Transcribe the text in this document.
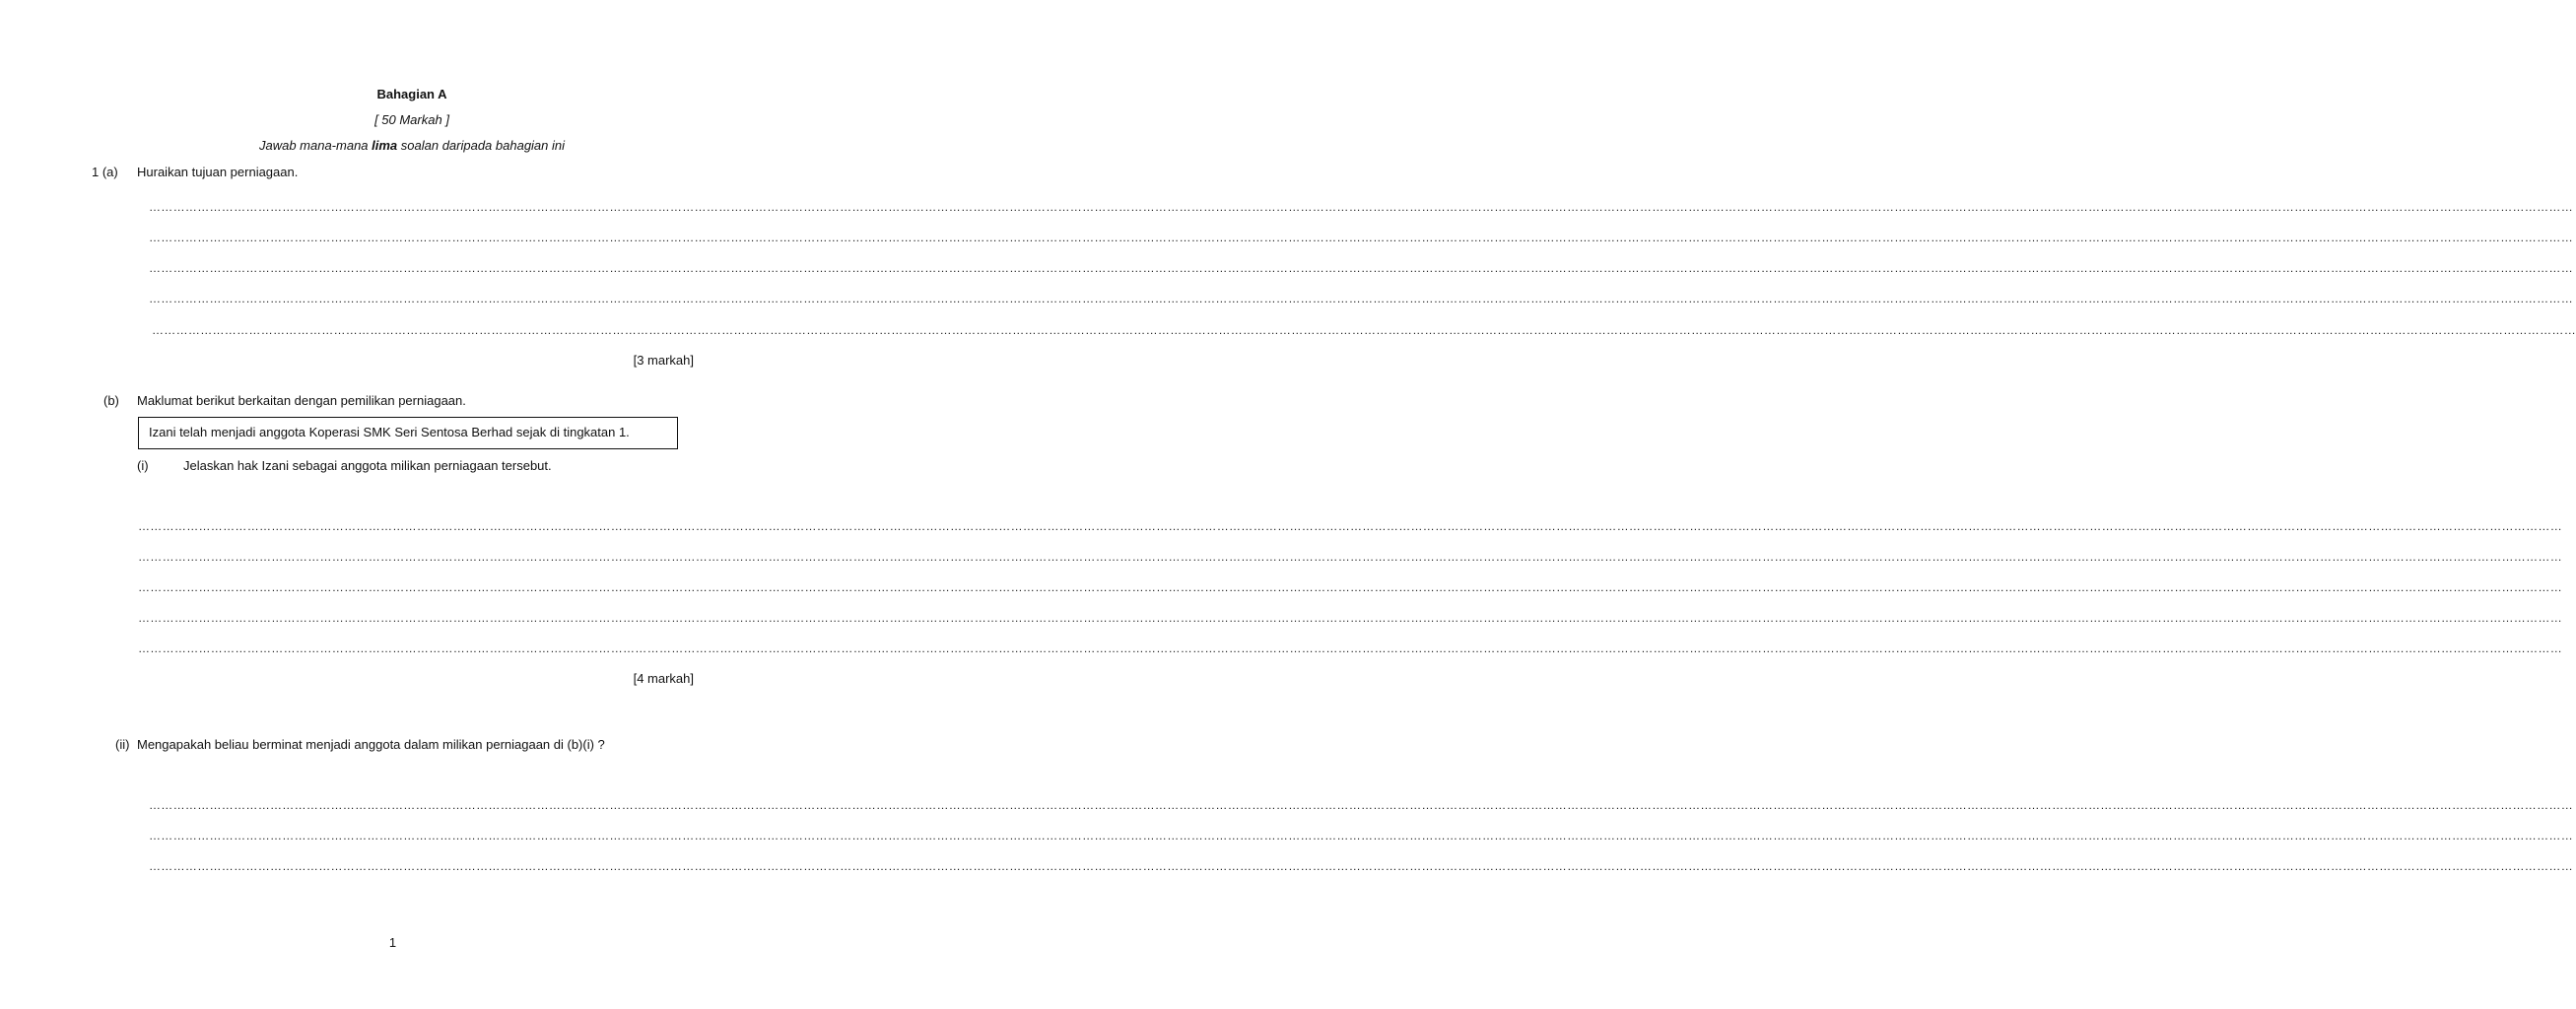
Bahagian A
[ 50 Markah ]
Jawab mana-mana lima soalan daripada bahagian ini
1 (a) Huraikan tujuan perniagaan.
……………………………………………………………………………………………………………………………………………………………………………………………………………………………………………………………………………………………………………………………………………………………………………………………………………………………………………………………………………………………………………………………………………………
……………………………………………………………………………………………………………………………………………………………………………………………………………………………………………………………………………………………………………………………………………………………………………………………………………………………………………………………………………………………………………………………………………………
……………………………………………………………………………………………………………………………………………………………………………………………………………………………………………………………………………………………………………………………………………………………………………………………………………………………………………………………………………………………………………………………………………………
……………………………………………………………………………………………………………………………………………………………………………………………………………………………………………………………………………………………………………………………………………………………………………………………………………………………………………………………………………………………………………………………………………………
……………………………………………………………………………………………………………………………………………………………………………………………………………………………………………………………………………………………………………………………………………………………………………………………………………………………………………………………………………………………………………………………………………………
[3 markah]
(b) Maklumat berikut berkaitan dengan pemilikan perniagaan.
Izani telah menjadi anggota Koperasi SMK Seri Sentosa Berhad sejak di tingkatan 1.
(i)	Jelaskan hak Izani sebagai anggota milikan perniagaan tersebut.
……………………………………………………………………………………………………………………………………………………………………………………………………………………………………………………………………………………………………………………………………………………………………………………………………………………………………………………………………………………………………………………………………………………
……………………………………………………………………………………………………………………………………………………………………………………………………………………………………………………………………………………………………………………………………………………………………………………………………………………………………………………………………………………………………………………………………………………
……………………………………………………………………………………………………………………………………………………………………………………………………………………………………………………………………………………………………………………………………………………………………………………………………………………………………………………………………………………………………………………………………………………
……………………………………………………………………………………………………………………………………………………………………………………………………………………………………………………………………………………………………………………………………………………………………………………………………………………………………………………………………………………………………………………………………………………
……………………………………………………………………………………………………………………………………………………………………………………………………………………………………………………………………………………………………………………………………………………………………………………………………………………………………………………………………………………………………………………………………………………
[4 markah]
(ii) Mengapakah beliau berminat menjadi anggota dalam milikan perniagaan di (b)(i) ?
……………………………………………………………………………………………………………………………………………………………………………………………………………………………………………………………………………………………………………………………………………………………………………………………………………………………………………………………………………………………………………………………………………………
……………………………………………………………………………………………………………………………………………………………………………………………………………………………………………………………………………………………………………………………………………………………………………………………………………………………………………………………………………………………………………………………………………………
……………………………………………………………………………………………………………………………………………………………………………………………………………………………………………………………………………………………………………………………………………………………………………………………………………………………………………………………………………………………………………………………………………………
1
